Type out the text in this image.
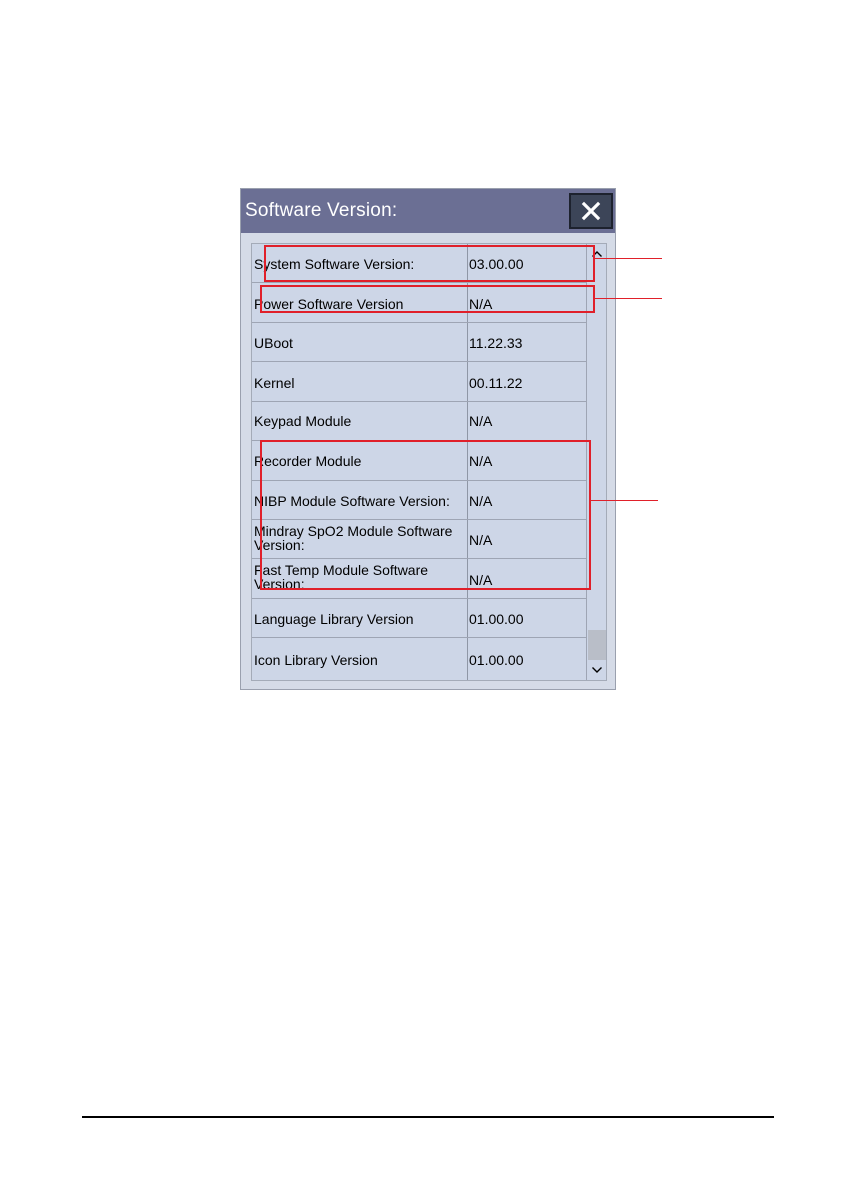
Software Version:
System Software Version:	03.00.00
Power Software Version	N/A
UBoot	11.22.33
Kernel	00.11.22
Keypad Module	N/A
Recorder Module	N/A
NIBP Module Software Version:	N/A
Mindray SpO2 Module Software Version:	N/A
Fast Temp Module Software Version:	N/A
Language Library Version	01.00.00
Icon Library Version	01.00.00
